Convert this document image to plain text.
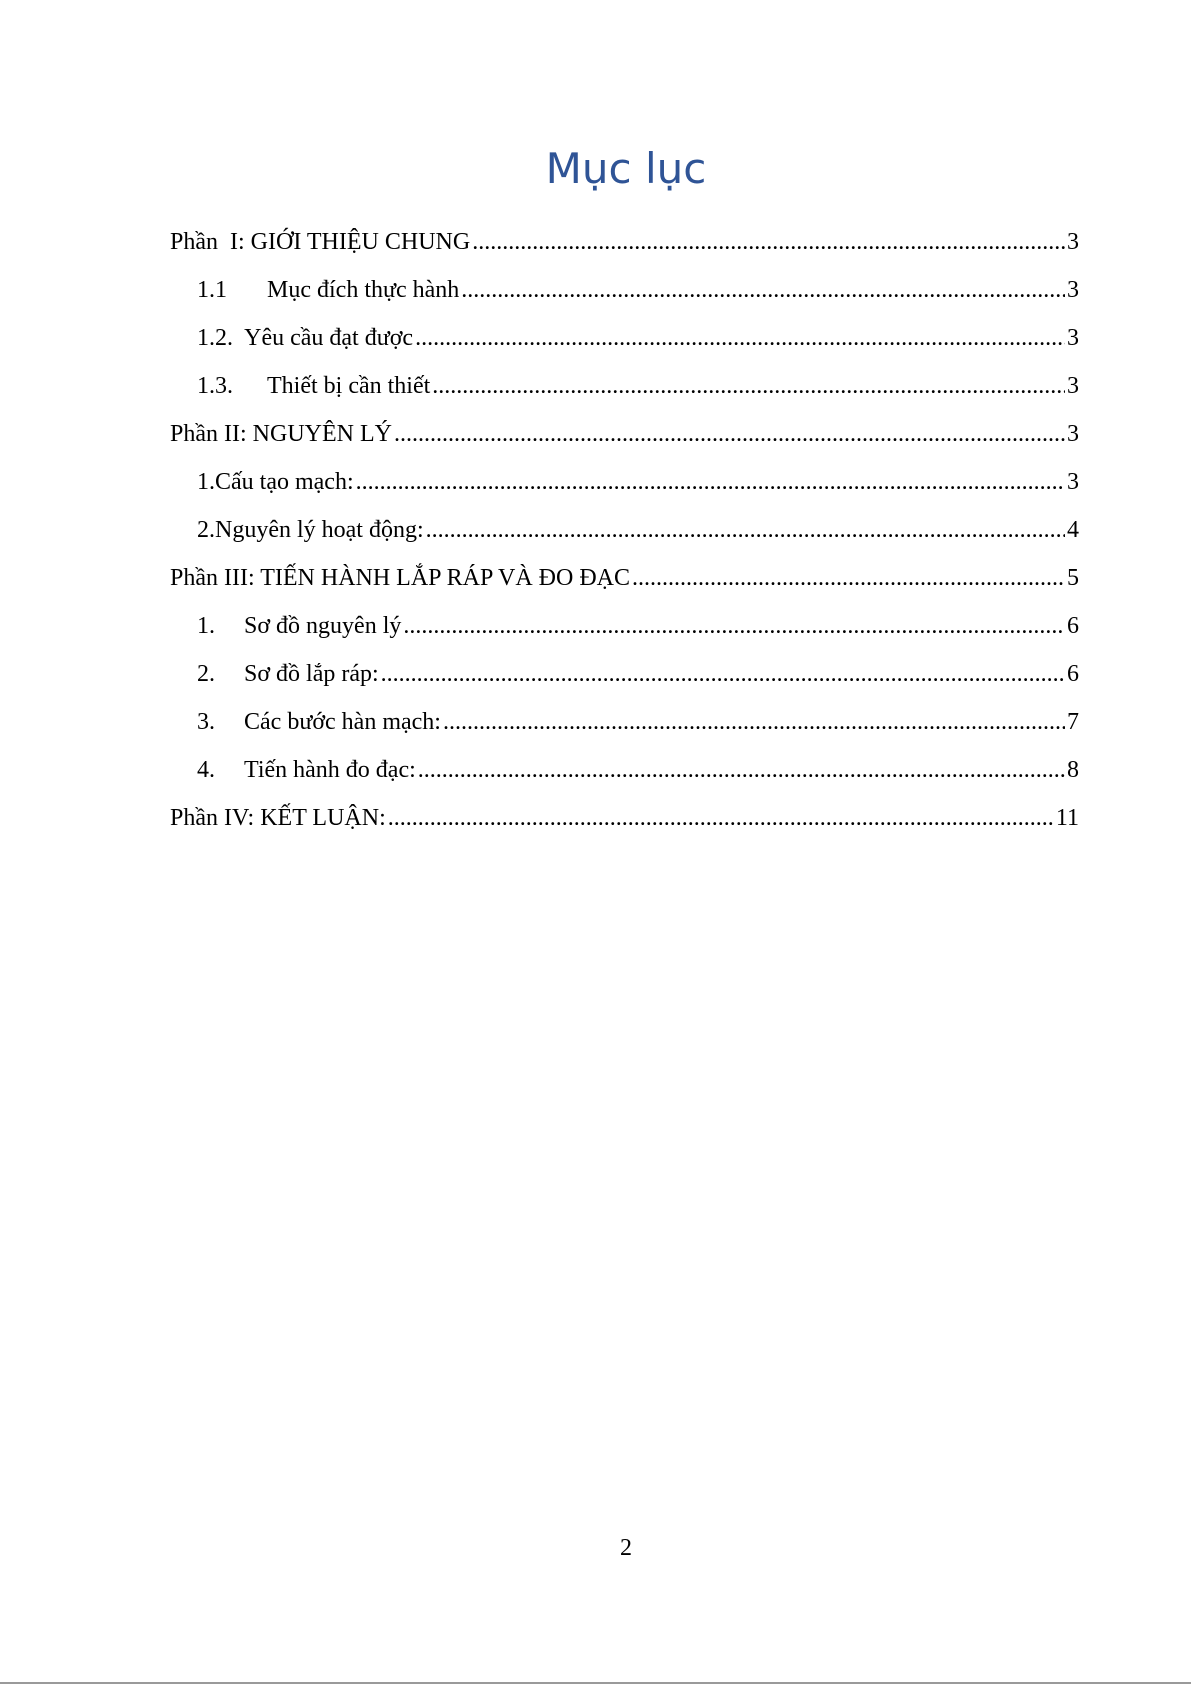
Mục lục
Phần  I: GIỚI THIỆU CHUNG .....	3
1.1	Mục đích thực hành .....	3
1.2.  Yêu cầu đạt được .....	3
1.3.	Thiết bị cần thiết .....	3
Phần II: NGUYÊN LÝ .....	3
1.Cấu tạo mạch: .....	3
2.Nguyên lý hoạt động: .....	4
Phần III: TIẾN HÀNH LẮP RÁP VÀ ĐO ĐẠC .....	5
1.	Sơ đồ nguyên lý .....	6
2.	Sơ đồ lắp ráp: .....	6
3.	Các bước hàn mạch: .....	7
4.	Tiến hành đo đạc: .....	8
Phần IV: KẾT LUẬN: .....	11
2
